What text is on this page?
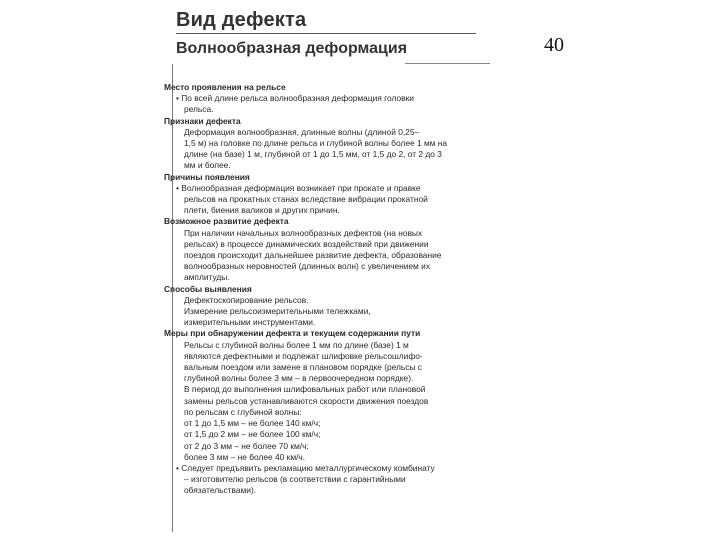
Вид дефекта
Волнообразная деформация	40

Место проявления на рельсе

• По всей длине рельса волнообразная деформация головки

рельса.

Признаки дефекта

Деформация волнообразная, длинные волны (длиной 0,25–

1,5 м) на головке по длине рельса и глубиной волны более 1 мм на

длине (на базе) 1 м, глубиной от 1 до 1,5 мм, от 1,5 до 2, от 2 до 3

мм и более.

Причины появления

• Волнообразная деформация возникает при прокате и правке

рельсов на прокатных станах вследствие вибрации прокатной

плети, биения валиков и других причин.

Возможное развитие дефекта

При наличии начальных волнообразных дефектов (на новых

рельсах) в процессе динамических воздействий при движении

поездов происходит дальнейшее развитие дефекта, образование

волнообразных неровностей (длинных волн) с увеличением их

амплитуды.

Способы выявления

Дефектоскопирование рельсов.

Измерение рельсоизмерительными тележками,

измерительными инструментами.

Меры при обнаружении дефекта и текущем содержании пути

Рельсы с глубиной волны более 1 мм по длине (базе) 1 м

являются дефектными и подлежат шлифовке рельсошлифо-

вальным поездом или замене в плановом порядке (рельсы с

глубиной волны более 3 мм – в первоочередном порядке).

В период до выполнения шлифовальных работ или плановой

замены рельсов устанавливаются скорости движения поездов

по рельсам с глубиной волны:

от 1 до 1,5 мм – не более 140 км/ч;

от 1,5 до 2 мм – не более 100 км/ч;

от 2 до 3 мм – не более 70 км/ч;

более 3 мм – не более 40 км/ч.

• Следует предъявить рекламацию металлургическому комбинату

– изготовителю рельсов (в соответствии с гарантийными

обязательствами).
